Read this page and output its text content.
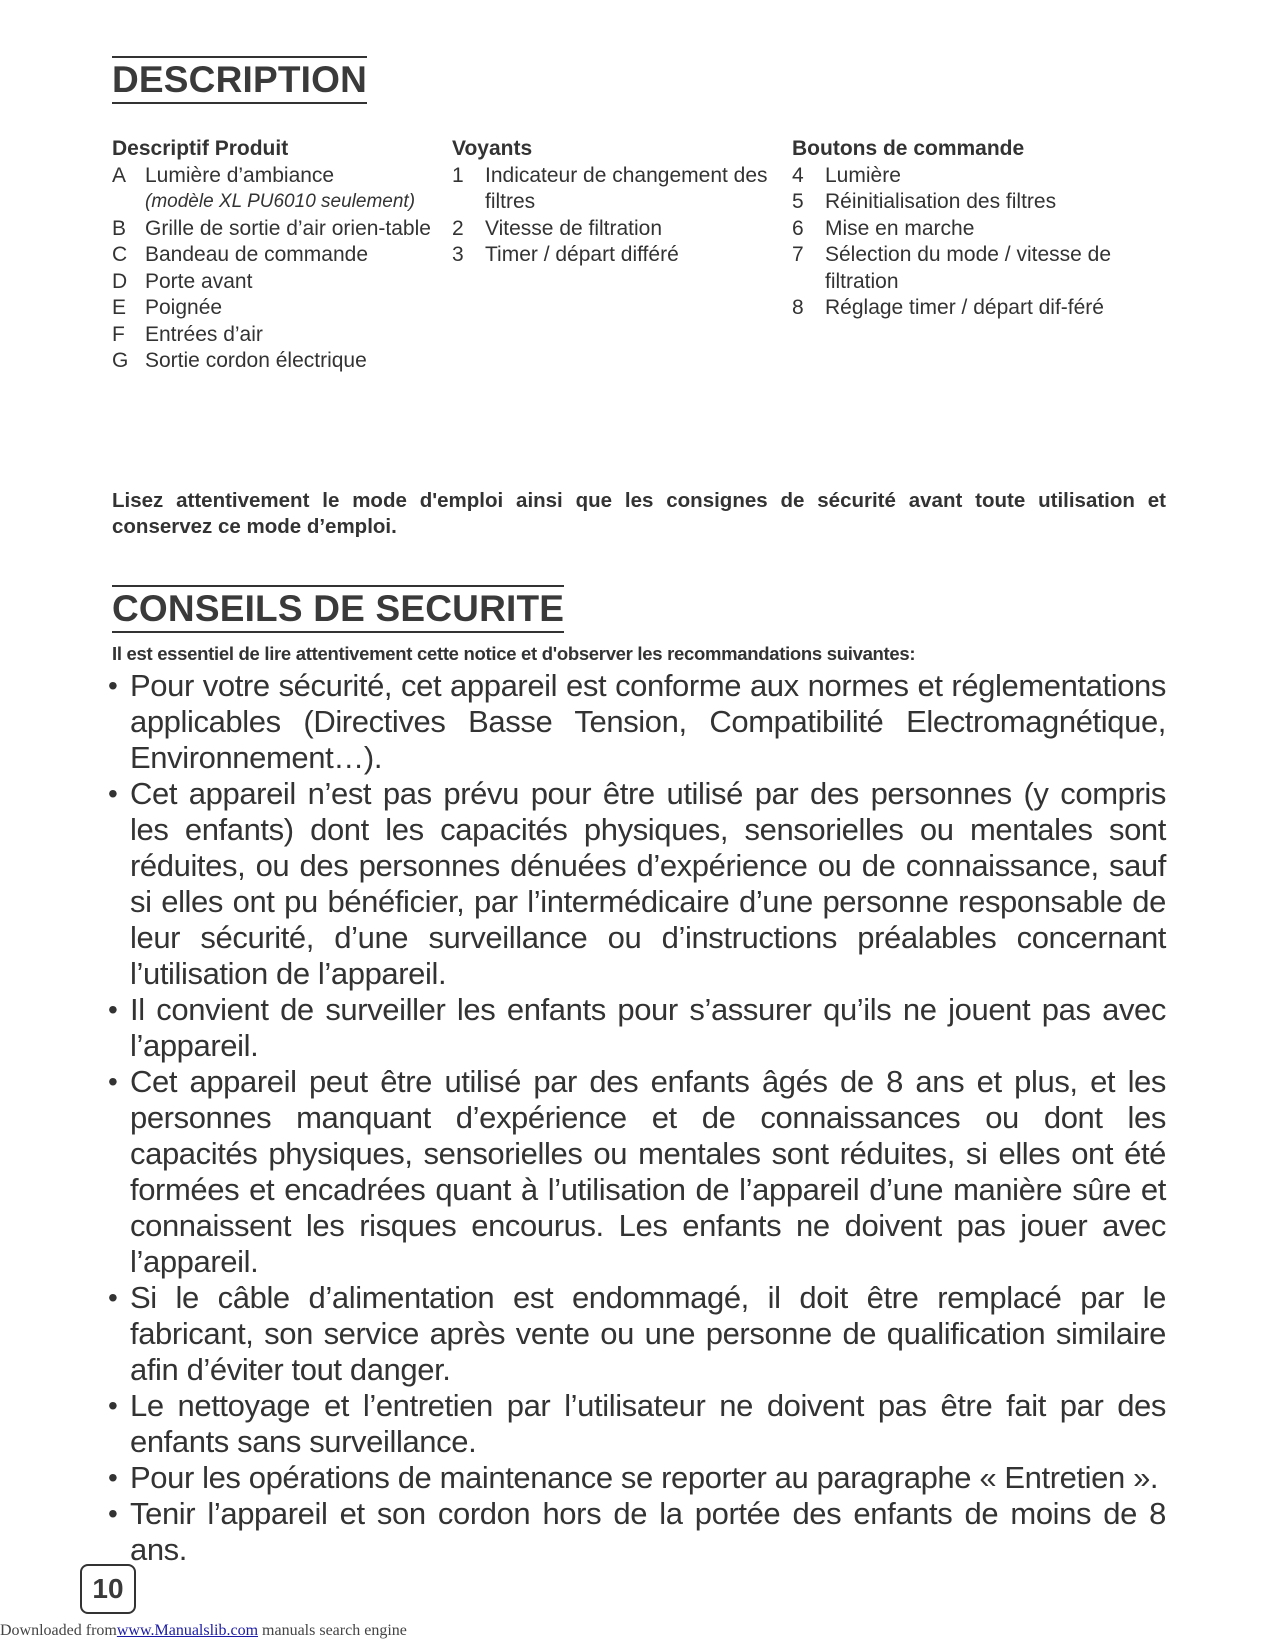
DESCRIPTION
Descriptif Produit
A Lumière d’ambiance
(modèle XL PU6010 seulement)
B Grille de sortie d’air orien-table
C Bandeau de commande
D Porte avant
E Poignée
F Entrées d’air
G Sortie cordon électrique
Voyants
1	Indicateur de changement des filtres
2	Vitesse de filtration
3	Timer / départ différé
Boutons de commande
4	Lumière
5	Réinitialisation des filtres
6	Mise en marche
7	Sélection du mode / vitesse de filtration
8	Réglage timer / départ dif-féré
Lisez attentivement le mode d'emploi ainsi que les consignes de sécurité avant toute utilisation et conservez ce mode d’emploi.
CONSEILS DE SECURITE
Il est essentiel de lire attentivement cette notice et d'observer les recommandations suivantes:
• Pour votre sécurité, cet appareil est conforme aux normes et réglementations applicables (Directives Basse Tension, Compatibilité Electromagnétique, Environnement…).
• Cet appareil n’est pas prévu pour être utilisé par des personnes (y compris les enfants) dont les capacités physiques, sensorielles ou mentales sont réduites, ou des personnes dénuées d’expérience ou de connaissance, sauf si elles ont pu bénéficier, par l’intermédicaire d’une personne responsable de leur sécurité, d’une surveillance ou d’instructions préalables concernant l’utilisation de l’appareil.
• Il convient de surveiller les enfants pour s’assurer qu’ils ne jouent pas avec l’appareil.
• Cet appareil peut être utilisé par des enfants âgés de 8 ans et plus, et les personnes manquant d’expérience et de connaissances ou dont les capacités physiques, sensorielles ou mentales sont réduites, si elles ont été formées et encadrées quant à l’utilisation de l’appareil d’une manière sûre et connaissent les risques encourus. Les enfants ne doivent pas jouer avec l’appareil.
• Si le câble d’alimentation est endommagé, il doit être remplacé par le fabricant, son service après vente ou une personne de qualification similaire afin d’éviter tout danger.
• Le nettoyage et l’entretien par l’utilisateur ne doivent pas être fait par des enfants sans surveillance.
• Pour les opérations de maintenance se reporter au paragraphe « Entretien ».
• Tenir l’appareil et son cordon hors de la portée des enfants de moins de 8 ans.
10
Downloaded fromwww.Manualslib.com manuals search engine
